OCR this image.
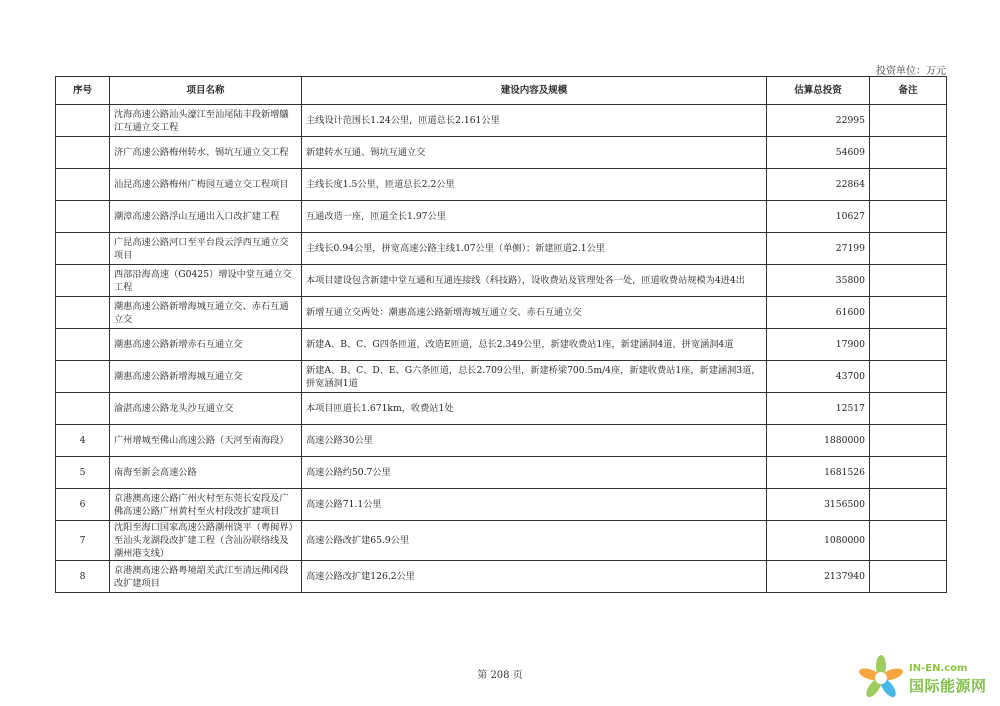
投资单位：万元
序号	项目名称	建设内容及规模	估算总投资	备注
	沈海高速公路汕头濠江至汕尾陆丰段新增鸃江互通立交工程	主线设计范围长1.24公里，匝道总长2.161公里	22995	
	济广高速公路梅州转水、锡坑互通立交工程	新建转水互通、锡坑互通立交	54609	
	汕昆高速公路梅州广梅园互通立交工程项目	主线长度1.5公里，匝道总长2.2公里	22864	
	潮漳高速公路浮山互通出入口改扩建工程	互通改造一座，匝道全长1.97公里	10627	
	广昆高速公路河口至平台段云浮西互通立交项目	主线长0.94公里，拼宽高速公路主线1.07公里（单侧）；新建匝道2.1公里	27199	
	西部沿海高速（G0425）增设中堂互通立交工程	本项目建设包含新建中堂互通和互通连接线（科技路），设收费站及管理处各一处，匝道收费站规模为4进4出	35800	
	潮惠高速公路新增海城互通立交、赤石互通立交	新增互通立交两处：潮惠高速公路新增海城互通立交、赤石互通立交	61600	
	潮惠高速公路新增赤石互通立交	新建A、B、C、G四条匝道，改造E匝道，总长2.349公里，新建收费站1座，新建涵洞4道，拼宽涵洞4道	17900	
	潮惠高速公路新增海城互通立交	新建A、B、C、D、E、G六条匝道，总长2.709公里，新建桥梁700.5m/4座，新建收费站1座，新建涵洞3道，拼宽涵洞1道	43700	
	渝湛高速公路龙头沙互通立交	本项目匝道长1.671km，收费站1处	12517	
4	广州增城至佛山高速公路（天河至南海段）	高速公路30公里	1880000	
5	南海至新会高速公路	高速公路约50.7公里	1681526	
6	京港澳高速公路广州火村至东莞长安段及广佛高速公路广州黄村至火村段改扩建项目	高速公路71.1公里	3156500	
7	沈阳至海口国家高速公路潮州饶平（粤闽界）至汕头龙湖段改扩建工程（含汕汾联络线及潮州港支线）	高速公路改扩建65.9公里	1080000	
8	京港澳高速公路粤境韶关武江至清远佛冈段改扩建项目	高速公路改扩建126.2公里	2137940	
第 208 页
IN-EN.com
国际能源网
